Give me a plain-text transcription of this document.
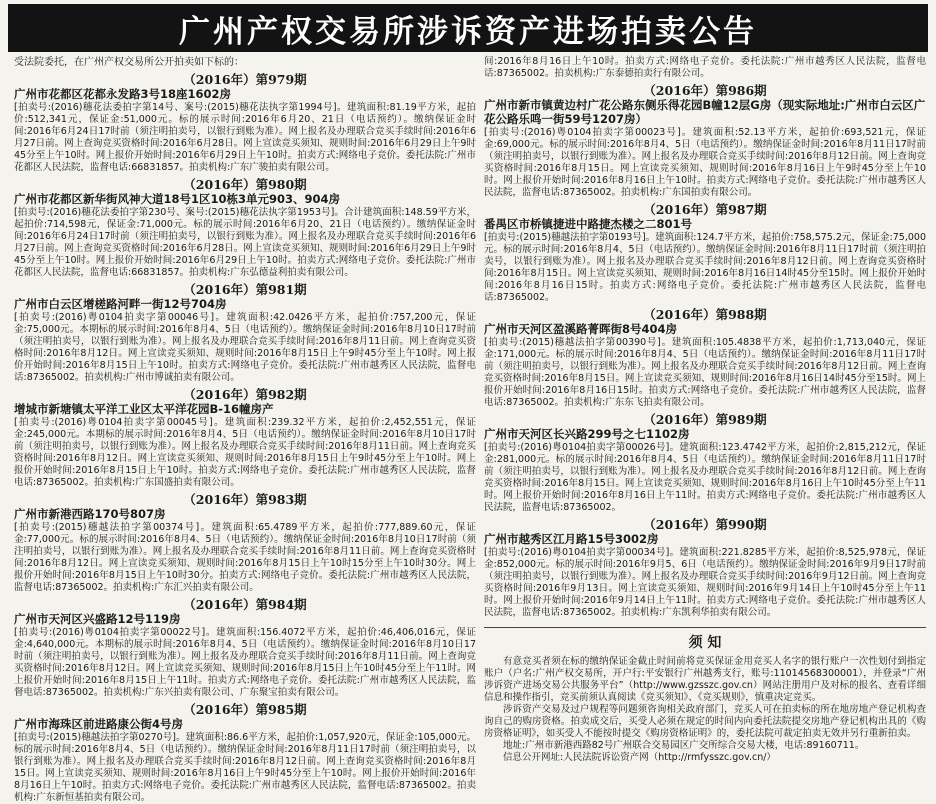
广州产权交易所涉诉资产进场拍卖公告

受法院委托，在广州产权交易所公开拍卖如下标的：

（2016年）第979期

广州市花都区花都永发路3号18座1602房

[拍卖号:(2016)穗花法委拍字第14号、案号:(2015)穗花法执字第1994号]。建筑面积:81.19平方米，起拍价:512,341元，保证金:51,000元。标的展示时间:2016年6月20、21日（电话预约）。缴纳保证金时间:2016年6月24日17时前（须注明拍卖号，以银行到账为准）。网上报名及办理联合竞买手续时间:2016年6月27日前。网上查询竞买资格时间:2016年6月28日。网上宣读竞买须知、规则时间:2016年6月29日上午9时45分至上午10时。网上报价开始时间:2016年6月29日上午10时。拍卖方式:网络电子竞价。委托法院:广州市花都区人民法院，监督电话:66831857。拍卖机构:广东广骏拍卖有限公司。

（2016年）第980期

广州市花都区新华街风神大道18号1区10栋3单元903、904房

[拍卖号:(2016)穗花法委拍字第230号、案号:(2015)穗花法执字第1953号]。合计建筑面积:148.59平方米，起拍价:714,598元，保证金:71,000元。标的展示时间:2016年6月20、21日（电话预约）。缴纳保证金时间:2016年6月24日17时前（须注明拍卖号，以银行到账为准）。网上报名及办理联合竞买手续时间:2016年6月27日前。网上查询竞买资格时间:2016年6月28日。网上宣读竞买须知、规则时间:2016年6月29日上午9时45分至上午10时。网上报价开始时间:2016年6月29日上午10时。拍卖方式:网络电子竞价。委托法院:广州市花都区人民法院，监督电话:66831857。拍卖机构:广东弘德益利拍卖有限公司。

（2016年）第981期

广州市白云区增槎路河畔一街12号704房

[拍卖号:(2016)粤0104拍卖字第00046号]。建筑面积:42.0426平方米，起拍价:757,200元，保证金:75,000元。本期标的展示时间:2016年8月4、5日（电话预约）。缴纳保证金时间:2016年8月10日17时前（须注明拍卖号，以银行到账为准）。网上报名及办理联合竞买手续时间:2016年8月11日前。网上查询竞买资格时间:2016年8月12日。网上宣读竞买须知、规则时间:2016年8月15日上午9时45分至上午10时。网上报价开始时间:2016年8月15日上午10时。拍卖方式:网络电子竞价。委托法院:广州市越秀区人民法院，监督电话:87365002。拍卖机构:广州市博诚拍卖有限公司。

（2016年）第982期

增城市新塘镇太平洋工业区太平洋花园B-16幢房产

[拍卖号:(2016)粤0104拍卖字第00045号]。建筑面积:239.32平方米，起拍价:2,452,551元，保证金:245,000元。本期标的展示时间:2016年8月4、5日（电话预约）。缴纳保证金时间:2016年8月10日17时前（须注明拍卖号，以银行到账为准）。网上报名及办理联合竞买手续时间:2016年8月11日前。网上查询竞买资格时间:2016年8月12日。网上宣读竞买须知、规则时间:2016年8月15日上午9时45分至上午10时。网上报价开始时间:2016年8月15日上午10时。拍卖方式:网络电子竞价。委托法院:广州市越秀区人民法院，监督电话:87365002。拍卖机构:广东国盛拍卖有限公司。

（2016年）第983期

广州市新港西路170号807房

[拍卖号:(2015)穗越法拍字第00374号]。建筑面积:65.4789平方米，起拍价:777,889.60元，保证金:77,000元。标的展示时间:2016年8月4、5日（电话预约）。缴纳保证金时间:2016年8月10日17时前（须注明拍卖号，以银行到账为准）。网上报名及办理联合竞买手续时间:2016年8月11日前。网上查询竞买资格时间:2016年8月12日。网上宣读竞买须知、规则时间:2016年8月15日上午10时15分至上午10时30分。网上报价开始时间:2016年8月15日上午10时30分。拍卖方式:网络电子竞价。委托法院:广州市越秀区人民法院，监督电话:87365002。拍卖机构:广东汇兴拍卖有限公司。

（2016年）第984期

广州市天河区兴盛路12号119房

[拍卖号:(2016)粤0104拍卖字第00022号]。建筑面积:156.4072平方米，起拍价:46,406,016元，保证金:4,640,000元。本期标的展示时间:2016年8月4、5日（电话预约）。缴纳保证金时间:2016年8月10日17时前（须注明拍卖号，以银行到账为准）。网上报名及办理联合竞买手续时间:2016年8月11日前。网上查询竞买资格时间:2016年8月12日。网上宣读竞买须知、规则时间:2016年8月15日上午10时45分至上午11时。网上报价开始时间:2016年8月15日上午11时。拍卖方式:网络电子竞价。委托法院:广州市越秀区人民法院，监督电话:87365002。拍卖机构:广东兴拍卖有限公司、广东聚宝拍卖有限公司。

（2016年）第985期

广州市海珠区前进路康公街4号房

[拍卖号:(2015)穗越法拍字第0270号]。建筑面积:86.6平方米，起拍价:1,057,920元，保证金:105,000元。标的展示时间:2016年8月4、5日（电话预约）。缴纳保证金时间:2016年8月11日17时前（须注明拍卖号，以银行到账为准）。网上报名及办理联合竞买手续时间:2016年8月12日前。网上查询竞买资格时间:2016年8月15日。网上宣读竞买须知、规则时间:2016年8月16日上午9时45分至上午10时。网上报价开始时间:2016年8月16日上午10时。拍卖方式:网络电子竞价。委托法院:广州市越秀区人民法院，监督电话:87365002。拍卖机构:广东新恒基拍卖有限公司。

间:2016年8月16日上午10时。拍卖方式:网络电子竞价。委托法院:广州市越秀区人民法院，监督电话:87365002。拍卖机构:广东泰德拍卖行有限公司。

（2016年）第986期

广州市新市镇黄边村广花公路东侧乐得花园B幢12层G房（现实际地址:广州市白云区广花公路乐鸣一街59号1207房）

[拍卖号:(2016)粤0104拍卖字第00023号]。建筑面积:52.13平方米，起拍价:693,521元，保证金:69,000元。标的展示时间:2016年8月4、5日（电话预约）。缴纳保证金时间:2016年8月11日17时前（须注明拍卖号，以银行到账为准）。网上报名及办理联合竞买手续时间:2016年8月12日前。网上查询竞买资格时间:2016年8月15日。网上宣读竞买须知、规则时间:2016年8月16日上午9时45分至上午10时。网上报价开始时间:2016年8月16日上午10时。拍卖方式:网络电子竞价。委托法院:广州市越秀区人民法院，监督电话:87365002。拍卖机构:广东国拍卖有限公司。

（2016年）第987期

番禺区市桥镇捷进中路捷杰楼之二801号

[拍卖号:(2015)穗越法拍字第0193号]。建筑面积:124.7平方米，起拍价:758,575.2元，保证金:75,000元。标的展示时间:2016年8月4、5日（电话预约）。缴纳保证金时间:2016年8月11日17时前（须注明拍卖号，以银行到账为准）。网上报名及办理联合竞买手续时间:2016年8月12日前。网上查询竞买资格时间:2016年8月15日。网上宣读竞买须知、规则时间:2016年8月16日14时45分至15时。网上报价开始时间:2016年8月16日15时。拍卖方式:网络电子竞价。委托法院:广州市越秀区人民法院，监督电话:87365002。

（2016年）第988期

广州市天河区盈溪路菁晖街8号404房

[拍卖号:(2015)穗越法拍字第00390号]。建筑面积:105.4838平方米，起拍价:1,713,040元，保证金:171,000元。标的展示时间:2016年8月4、5日（电话预约）。缴纳保证金时间:2016年8月11日17时前（须注明拍卖号，以银行到账为准）。网上报名及办理联合竞买手续时间:2016年8月12日前。网上查询竞买资格时间:2016年8月15日。网上宣读竞买须知、规则时间:2016年8月16日14时45分至15时。网上报价开始时间:2016年8月16日15时。拍卖方式:网络电子竞价。委托法院:广州市越秀区人民法院，监督电话:87365002。拍卖机构:广东东飞拍卖有限公司。

（2016年）第989期

广州市天河区长兴路299号之七1102房

[拍卖号:(2016)粤0104拍卖字第00026号]。建筑面积:123.4742平方米，起拍价:2,815,212元，保证金:281,000元。标的展示时间:2016年8月4、5日（电话预约）。缴纳保证金时间:2016年8月11日17时前（须注明拍卖号，以银行到账为准）。网上报名及办理联合竞买手续时间:2016年8月12日前。网上查询竞买资格时间:2016年8月15日。网上宣读竞买须知、规则时间:2016年8月16日上午10时45分至上午11时。网上报价开始时间:2016年8月16日上午11时。拍卖方式:网络电子竞价。委托法院:广州市越秀区人民法院，监督电话:87365002。

（2016年）第990期

广州市越秀区江月路15号3002房

[拍卖号:(2016)粤0104拍卖字第00034号]。建筑面积:221.8285平方米，起拍价:8,525,978元，保证金:852,000元。标的展示时间:2016年9月5、6日（电话预约）。缴纳保证金时间:2016年9月9日17时前（须注明拍卖号，以银行到账为准）。网上报名及办理联合竞买手续时间:2016年9月12日前。网上查询竞买资格时间:2016年9月13日。网上宣读竞买须知、规则时间:2016年9月14日上午10时45分至上午11时。网上报价开始时间:2016年9月14日上午11时。拍卖方式:网络电子竞价。委托法院:广州市越秀区人民法院，监督电话:87365002。拍卖机构:广东凯利华拍卖有限公司。

须 知

有意竞买者须在标的缴纳保证金截止时间前将竞买保证金用竞买人名字的银行账户一次性划付到指定账户（户名:广州产权交易所，开户行:平安银行广州越秀支行，账号:11014568300001），并登录“广州涉诉资产进场交易公共服务平台”（http://www.gzsszc.gov.cn）网站注册用户及对标的报名、查看详细信息和操作指引，竞买前须认真阅读《竞买须知》、《竞买规则》，慎重决定竞买。

涉诉资产交易及过户规程等问题须咨询相关政府部门，竞买人可在拍卖标的所在地房地产登记机构查询自己的购房资格。拍卖成交后，买受人必须在规定的时间内向委托法院提交房地产登记机构出具的《购房资格证明》，如买受人不能按时提交《购房资格证明》的，委托法院可裁定拍卖无效并另行重新拍卖。

地址:广州市新港西路82号广州联合交易园区广交所综合交易大楼，电话:89160711。

信息公开网址:人民法院诉讼资产网（http://rmfysszc.gov.cn/）
